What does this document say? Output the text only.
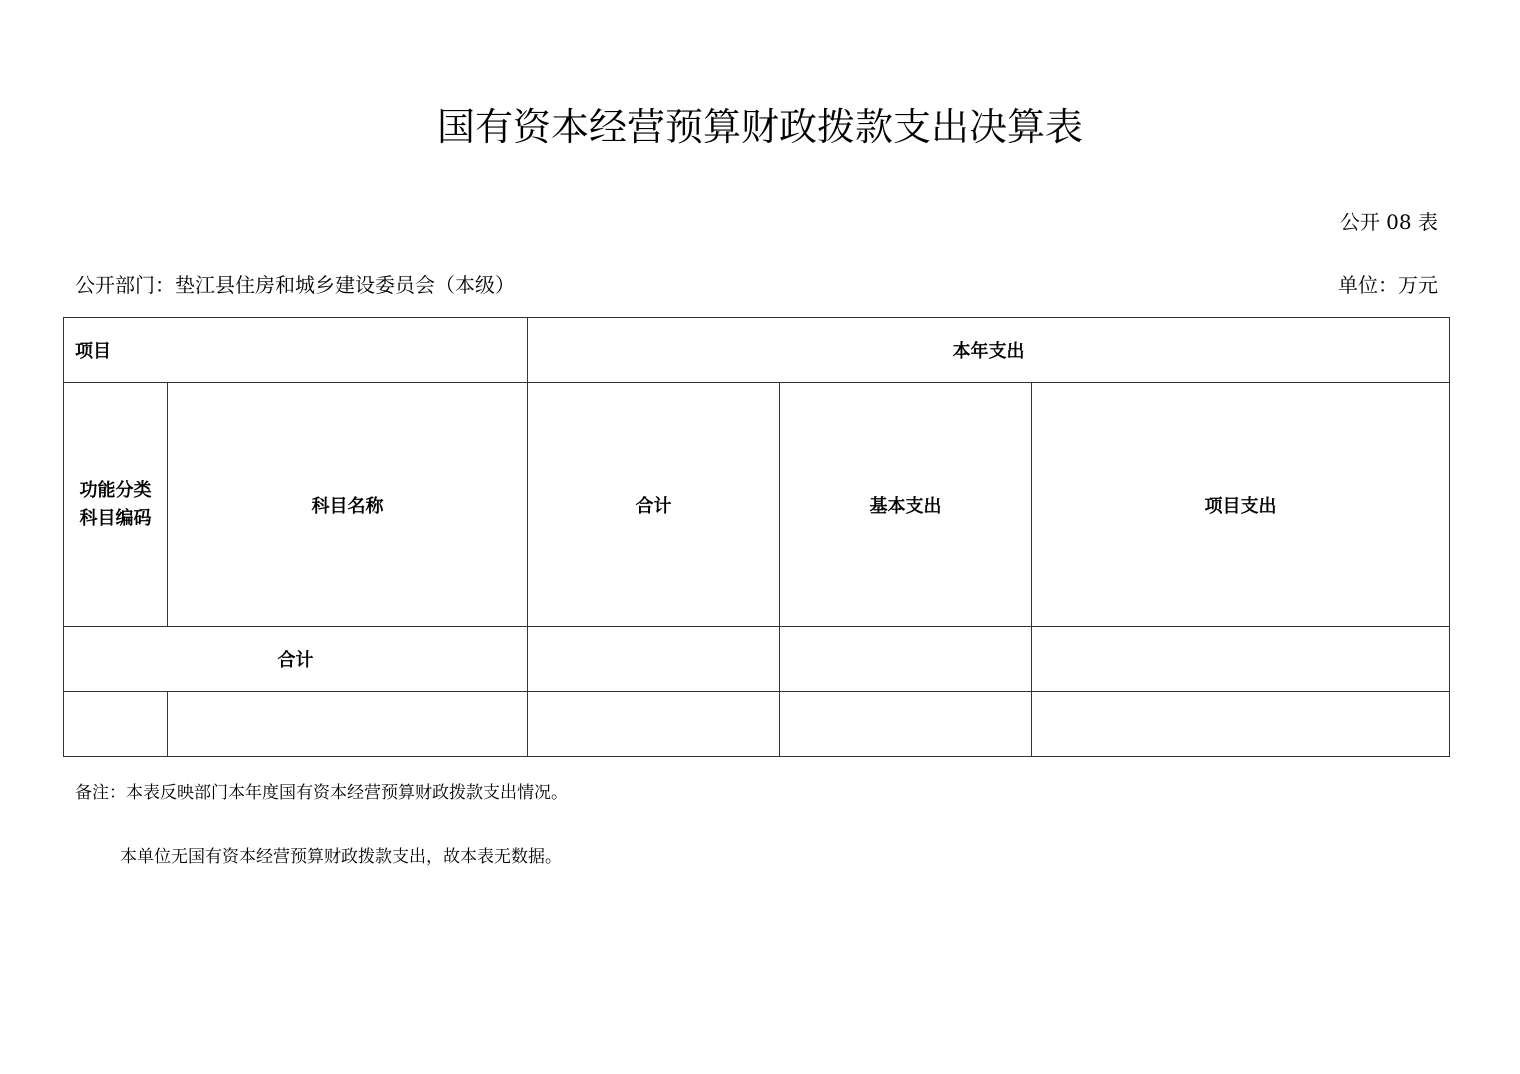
国有资本经营预算财政拨款支出决算表
公开 08 表
公开部门：垫江县住房和城乡建设委员会（本级）	单位：万元
项目		本年支出		
功能分类
科目编码	科目名称	合计	基本支出	项目支出
合计				

备注：本表反映部门本年度国有资本经营预算财政拨款支出情况。
本单位无国有资本经营预算财政拨款支出，故本表无数据。
